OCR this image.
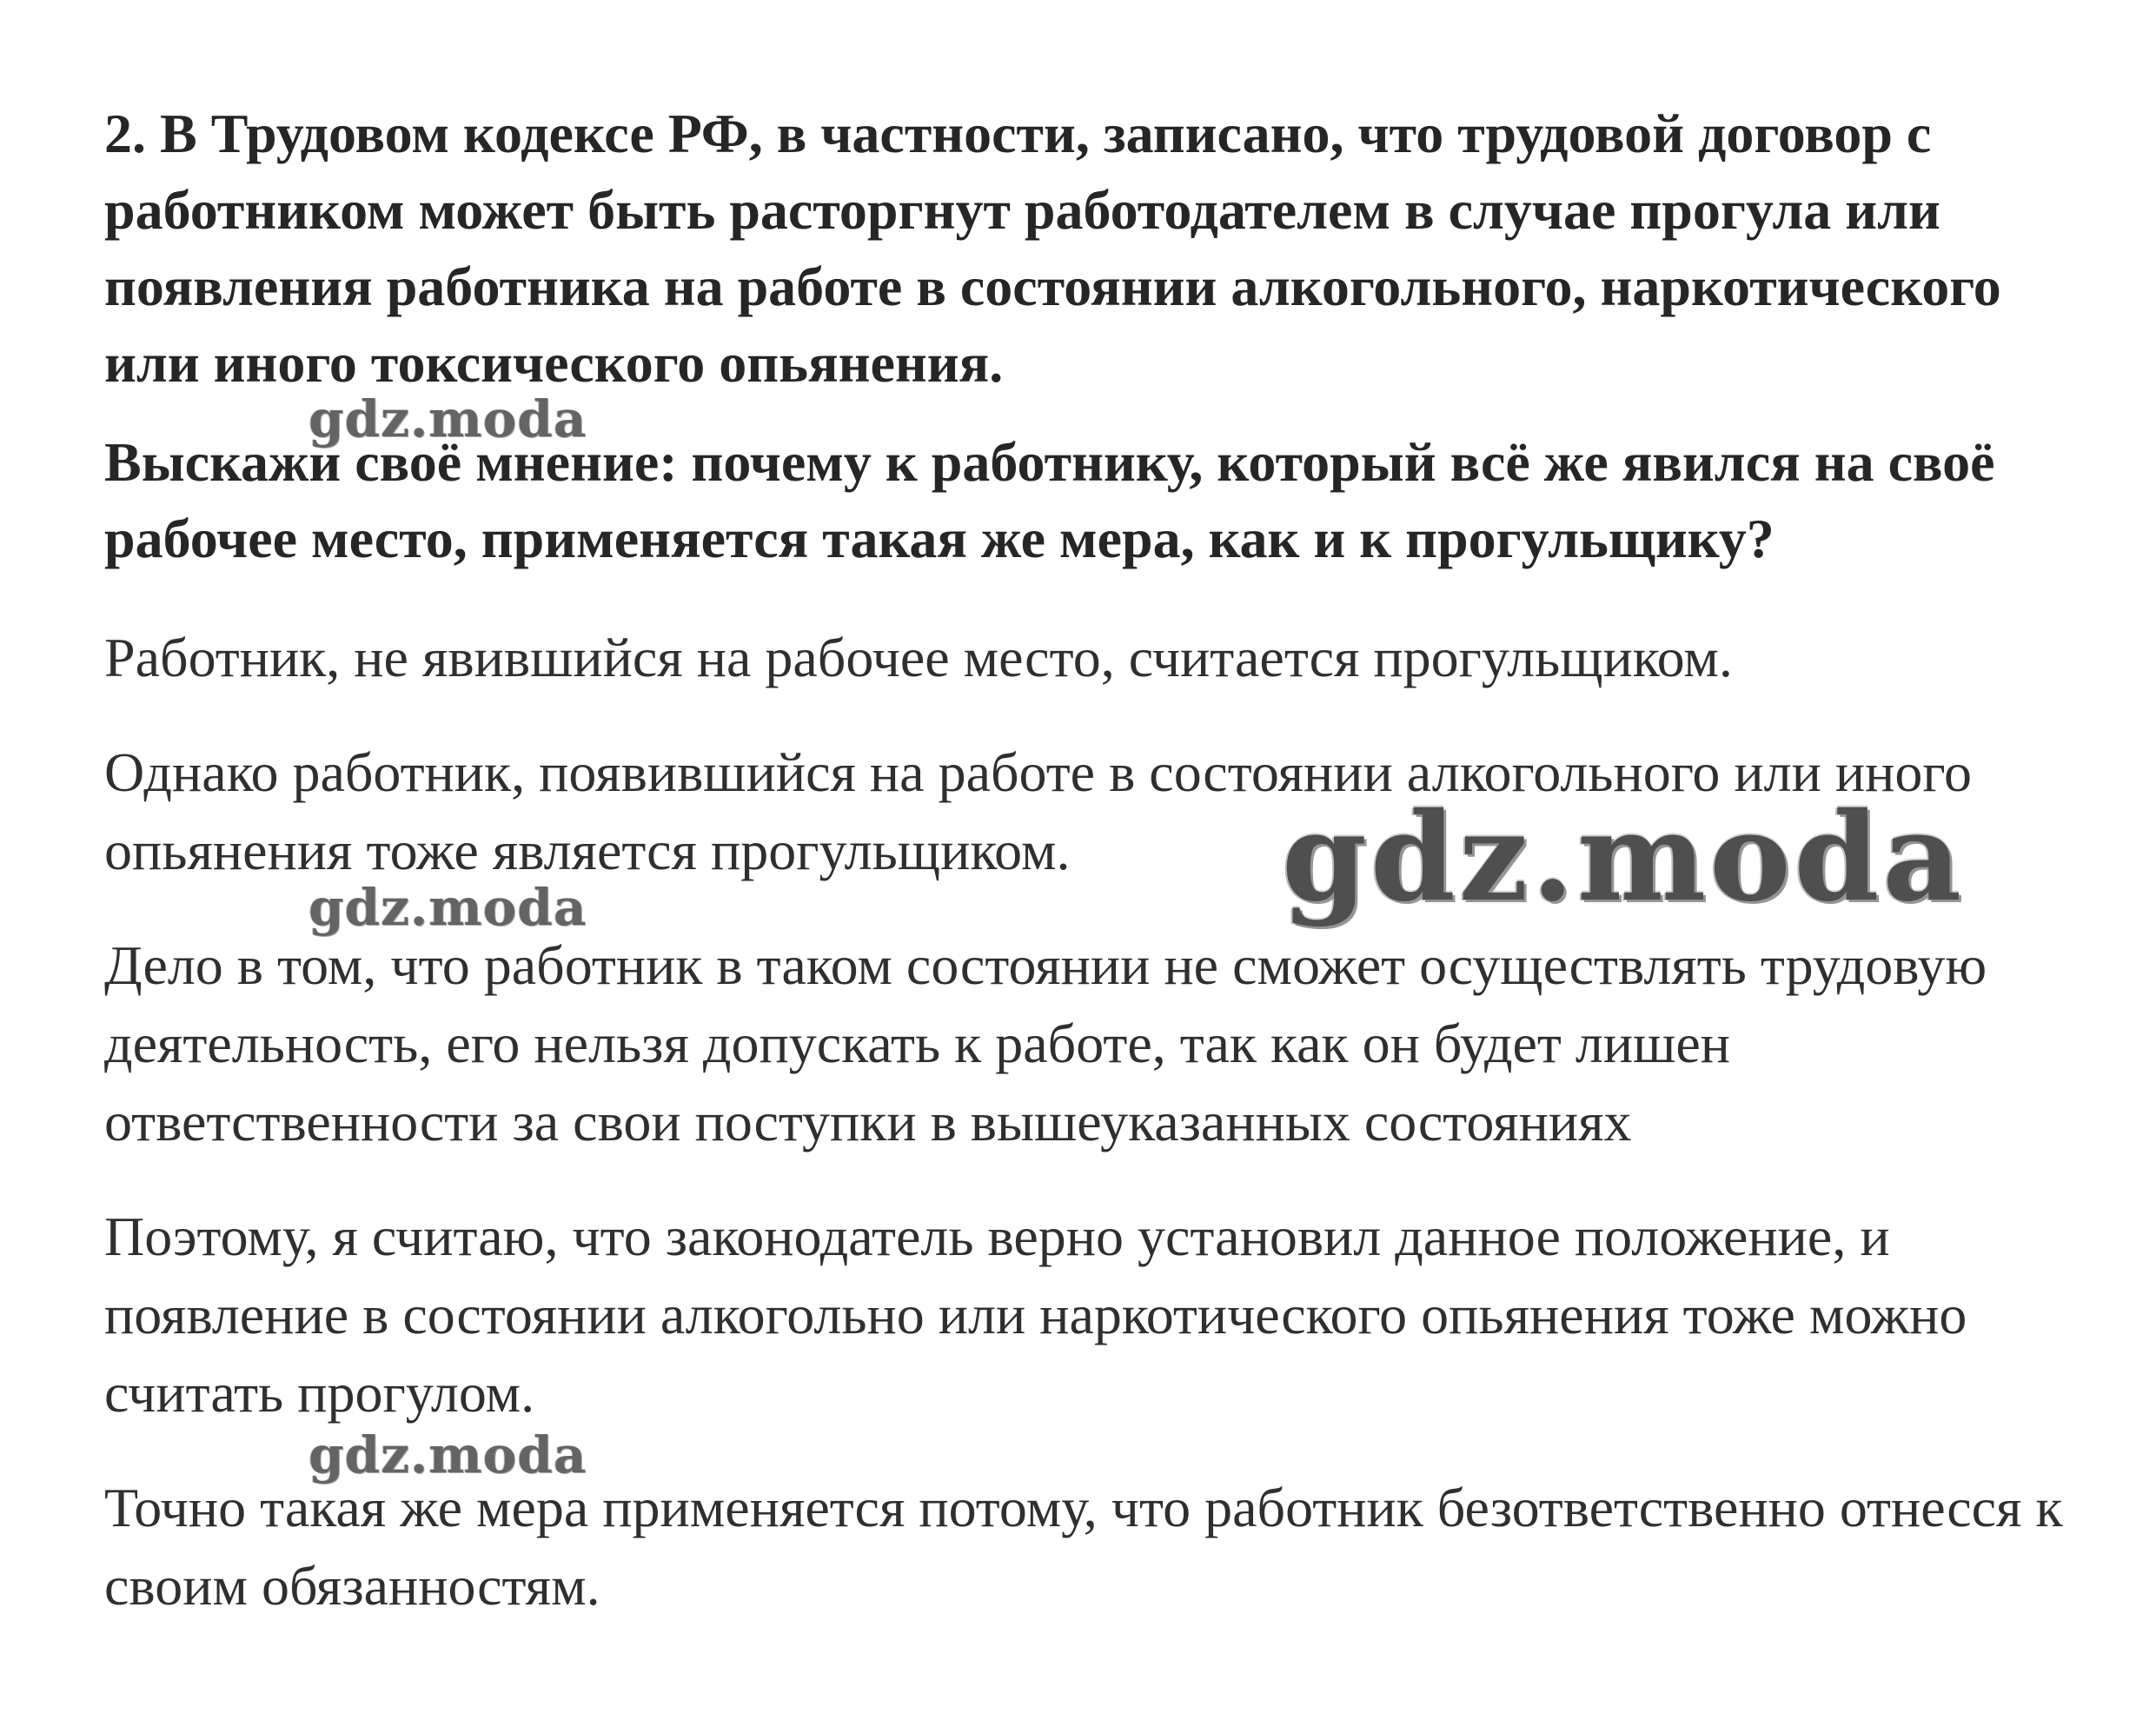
2. В Трудовом кодексе РФ, в частности, записано, что трудовой договор с работником может быть расторгнут работодателем в случае прогула или появления работника на работе в состоянии алкогольного, наркотического или иного токсического опьянения.

Выскажи своё мнение: почему к работнику, который всё же явился на своё рабочее место, применяется такая же мера, как и к прогульщику?

Работник, не явившийся на рабочее место, считается прогульщиком.

Однако работник, появившийся на работе в состоянии алкогольного или иного опьянения тоже является прогульщиком.

Дело в том, что работник в таком состоянии не сможет осуществлять трудовую деятельность, его нельзя допускать к работе, так как он будет лишен ответственности за свои поступки в вышеуказанных состояниях

Поэтому, я считаю, что законодатель верно установил данное положение, и появление в состоянии алкогольно или наркотического опьянения тоже можно считать прогулом.

Точно такая же мера применяется потому, что работник безответственно отнесся к своим обязанностям.

gdz.moda
gdz.moda
gdz.moda
gdz.moda
